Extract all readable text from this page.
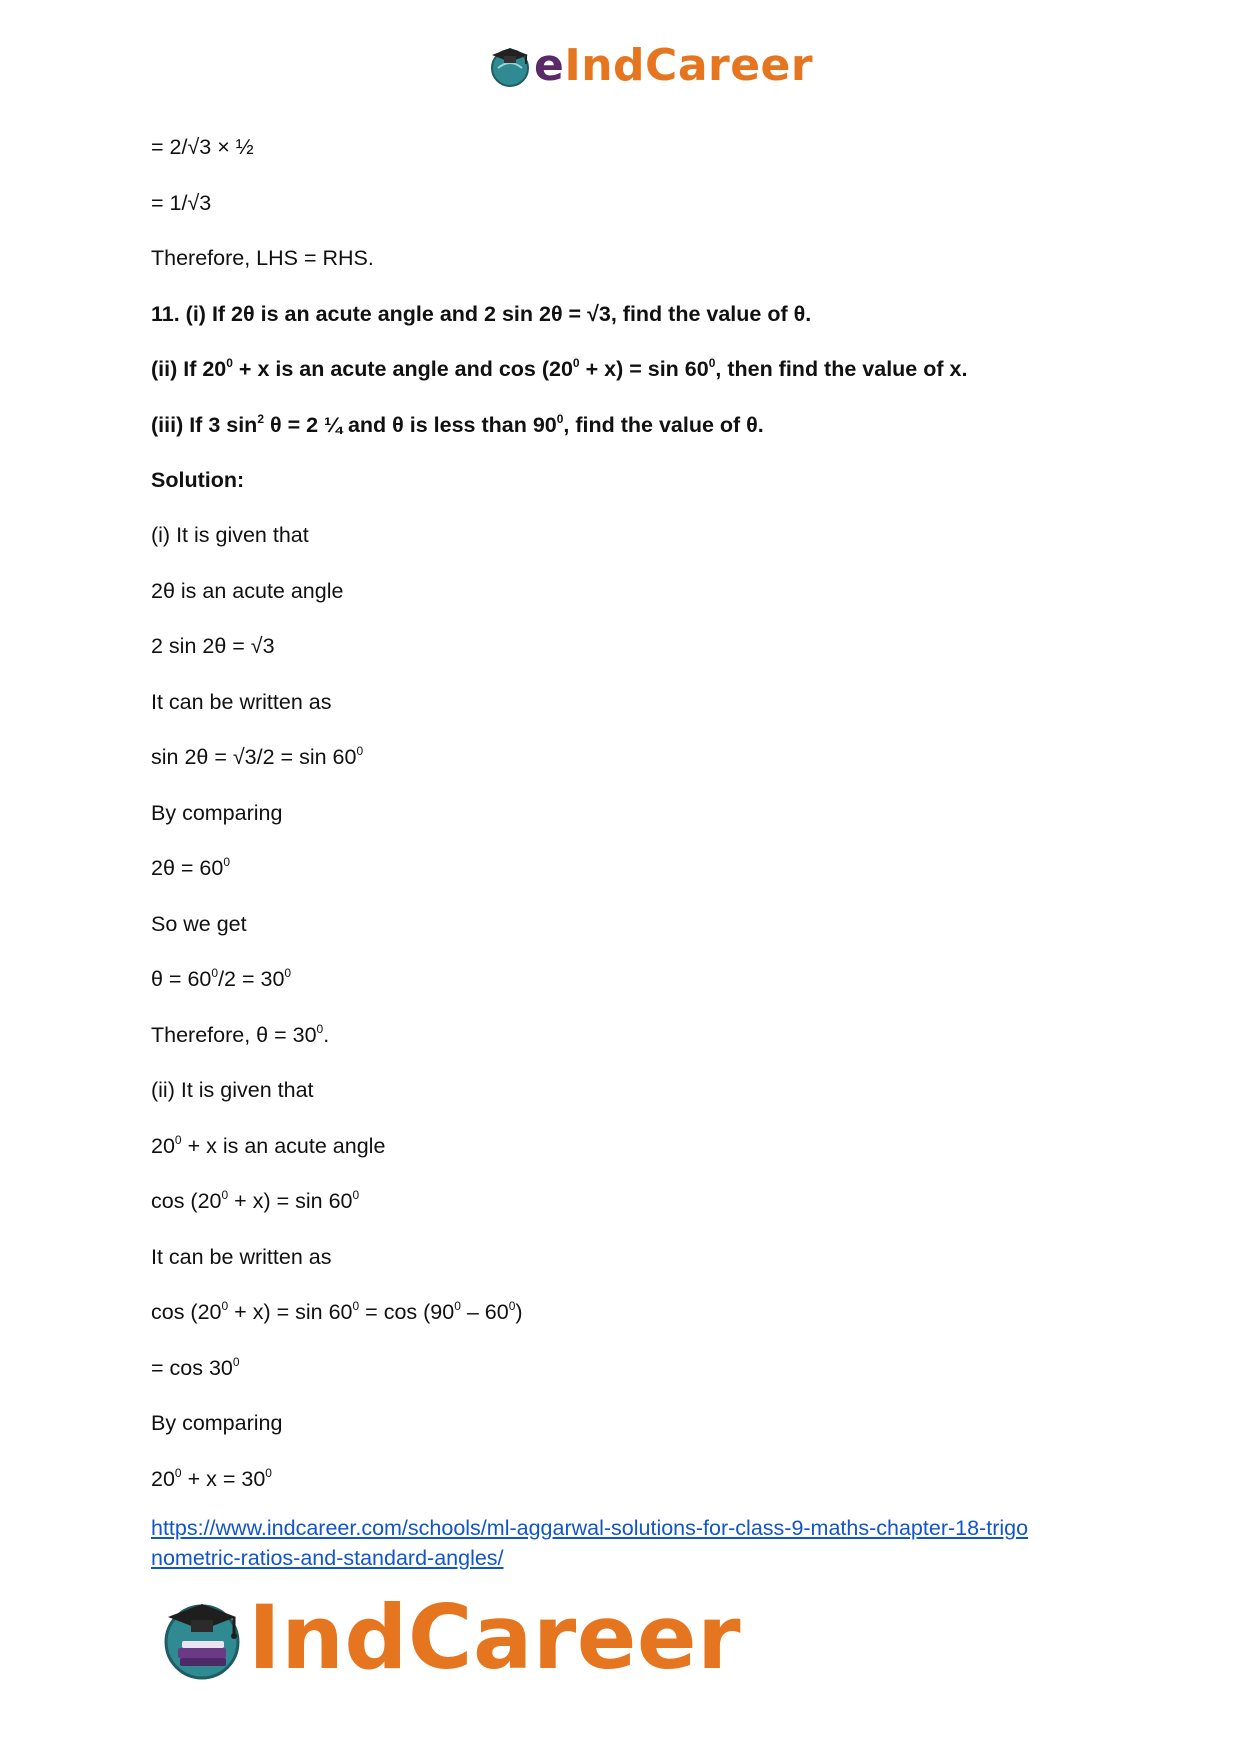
eIndCareer
= 2/√3 × ½
= 1/√3
Therefore, LHS = RHS.
11. (i) If 2θ is an acute angle and 2 sin 2θ = √3, find the value of θ.
(ii) If $20^0 + x$ is an acute angle and $\cos (20^0 + x) = \sin 60^0$, then find the value of x.
(iii) If 3 $\sin^2 \theta = 2$ ¼ and θ is less than $90^0$, find the value of θ.
Solution:
(i) It is given that
2θ is an acute angle
2 sin 2θ = √3
It can be written as
$\sin 2\theta = √3/2 = \sin 60^0$
By comparing
$2\theta = 60^0$
So we get
$\theta = 60^0/2 = 30^0$
Therefore, $\theta = 30^0$.
(ii) It is given that
$20^0 + x$ is an acute angle
$\cos (20^0 + x) = \sin 60^0$
It can be written as
$\cos (20^0 + x) = \sin 60^0 = \cos (90^0 - 60^0)$
= $\cos 30^0$
By comparing
$20^0 + x = 30^0$
https://www.indcareer.com/schools/ml-aggarwal-solutions-for-class-9-maths-chapter-18-trigo
nometric-ratios-and-standard-angles/
IndCareer
